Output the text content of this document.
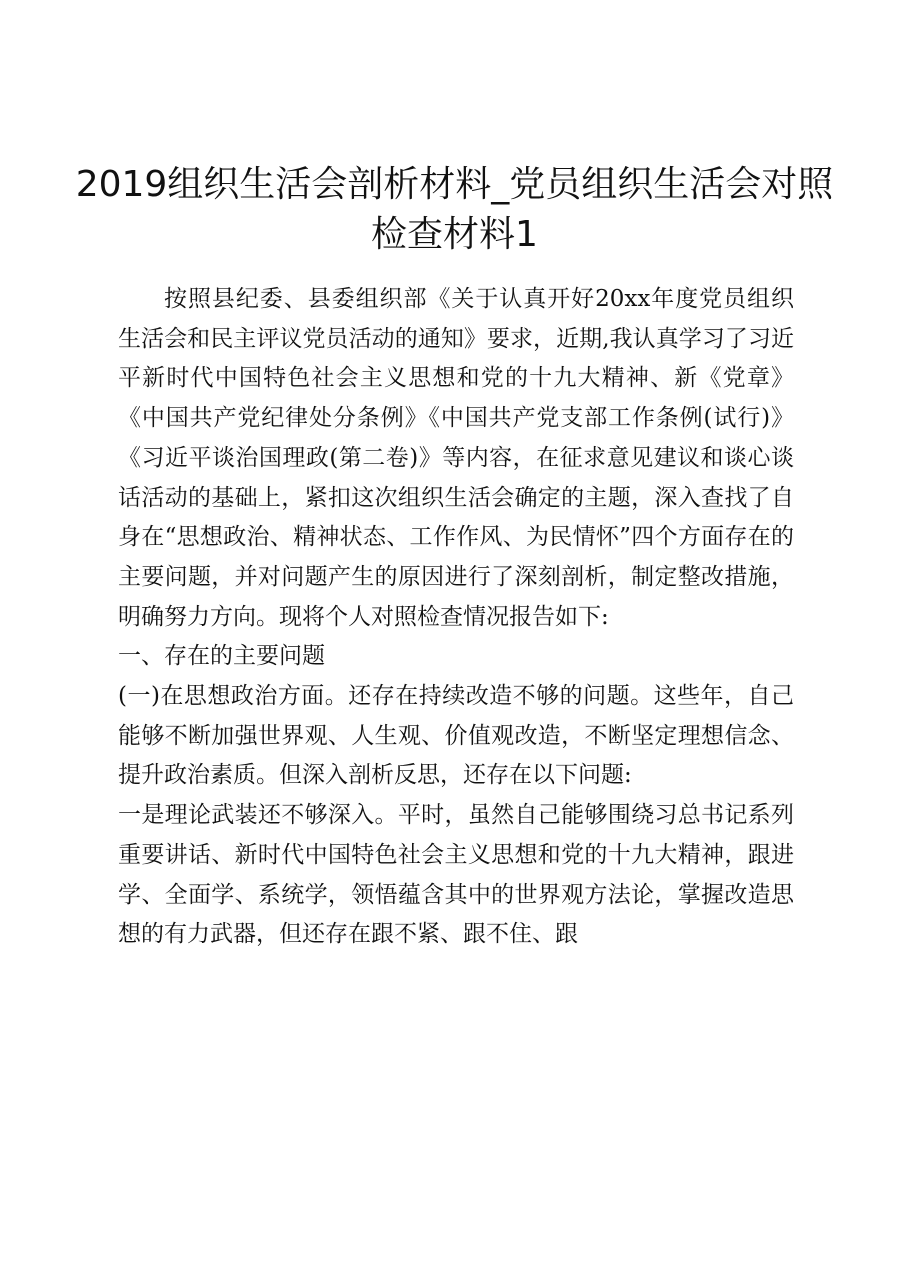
2019组织生活会剖析材料_党员组织生活会对照检查材料1

按照县纪委、县委组织部《关于认真开好20xx年度党员组织生活会和民主评议党员活动的通知》要求，近期,我认真学习了习近平新时代中国特色社会主义思想和党的十九大精神、新《党章》《中国共产党纪律处分条例》《中国共产党支部工作条例(试行)》《习近平谈治国理政(第二卷)》等内容，在征求意见建议和谈心谈话活动的基础上，紧扣这次组织生活会确定的主题，深入查找了自身在“思想政治、精神状态、工作作风、为民情怀”四个方面存在的主要问题，并对问题产生的原因进行了深刻剖析，制定整改措施，明确努力方向。现将个人对照检查情况报告如下:

一、存在的主要问题

(一)在思想政治方面。还存在持续改造不够的问题。这些年，自己能够不断加强世界观、人生观、价值观改造，不断坚定理想信念、提升政治素质。但深入剖析反思，还存在以下问题:

一是理论武装还不够深入。平时，虽然自己能够围绕习总书记系列重要讲话、新时代中国特色社会主义思想和党的十九大精神，跟进学、全面学、系统学，领悟蕴含其中的世界观方法论，掌握改造思想的有力武器，但还存在跟不紧、跟不住、跟
